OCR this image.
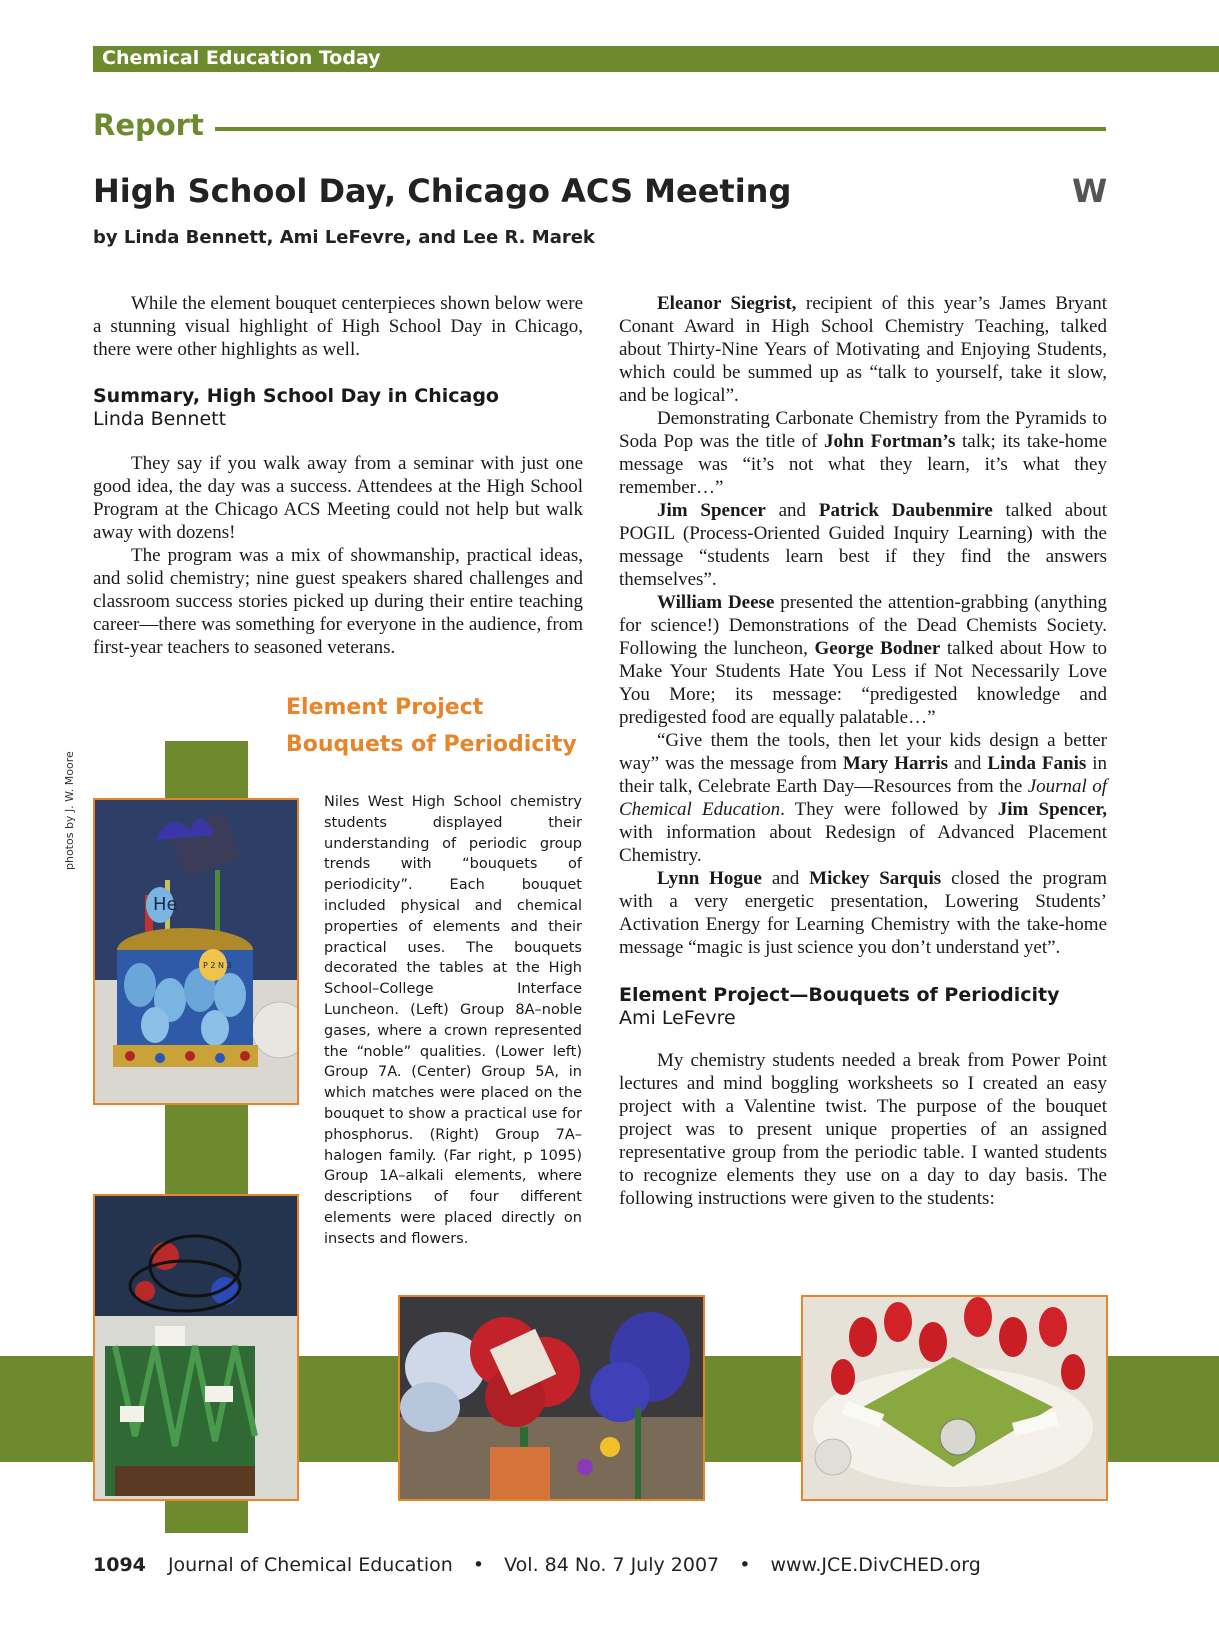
Chemical Education Today
Report
High School Day, Chicago ACS Meeting	W
by Linda Bennett, Ami LeFevre, and Lee R. Marek

While the element bouquet centerpieces shown below were a stunning visual highlight of High School Day in Chicago, there were other highlights as well.

Summary, High School Day in Chicago
Linda Bennett

They say if you walk away from a seminar with just one good idea, the day was a success. Attendees at the High School Program at the Chicago ACS Meeting could not help but walk away with dozens!

The program was a mix of showmanship, practical ideas, and solid chemistry; nine guest speakers shared challenges and classroom success stories picked up during their entire teaching career—there was something for everyone in the audience, from first-year teachers to seasoned veterans.

Element Project
Bouquets of Periodicity
photos by J. W. Moore
He
P 2 N 3
Niles West High School chemistry students displayed their understanding of periodic group trends with “bouquets of periodicity”. Each bouquet included physical and chemical properties of elements and their practical uses. The bouquets decorated the tables at the High School–College Interface Luncheon. (Left) Group 8A–noble gases, where a crown represented the “noble” qualities. (Lower left) Group 7A. (Center) Group 5A, in which matches were placed on the bouquet to show a practical use for phosphorus. (Right) Group 7A–halogen family. (Far right, p 1095) Group 1A–alkali elements, where descriptions of four different elements were placed directly on insects and flowers.

Eleanor Siegrist, recipient of this year’s James Bryant Conant Award in High School Chemistry Teaching, talked about Thirty-Nine Years of Motivating and Enjoying Students, which could be summed up as “talk to yourself, take it slow, and be logical”.

Demonstrating Carbonate Chemistry from the Pyramids to Soda Pop was the title of John Fortman’s talk; its take-home message was “it’s not what they learn, it’s what they remember…”

Jim Spencer and Patrick Daubenmire talked about POGIL (Process-Oriented Guided Inquiry Learning) with the message “students learn best if they find the answers themselves”.

William Deese presented the attention-grabbing (anything for science!) Demonstrations of the Dead Chemists Society. Following the luncheon, George Bodner talked about How to Make Your Students Hate You Less if Not Necessarily Love You More; its message: “predigested knowledge and predigested food are equally palatable…”

“Give them the tools, then let your kids design a better way” was the message from Mary Harris and Linda Fanis in their talk, Celebrate Earth Day—Resources from the Journal of Chemical Education. They were followed by Jim Spencer, with information about Redesign of Advanced Placement Chemistry.

Lynn Hogue and Mickey Sarquis closed the program with a very energetic presentation, Lowering Students’ Activation Energy for Learning Chemistry with the take-home message “magic is just science you don’t understand yet”.

Element Project—Bouquets of Periodicity
Ami LeFevre

My chemistry students needed a break from Power Point lectures and mind boggling worksheets so I created an easy project with a Valentine twist. The purpose of the bouquet project was to present unique properties of an assigned representative group from the periodic table. I wanted students to recognize elements they use on a day to day basis. The following instructions were given to the students:

1094 Journal of Chemical Education • Vol. 84 No. 7 July 2007 • www.JCE.DivCHED.org
